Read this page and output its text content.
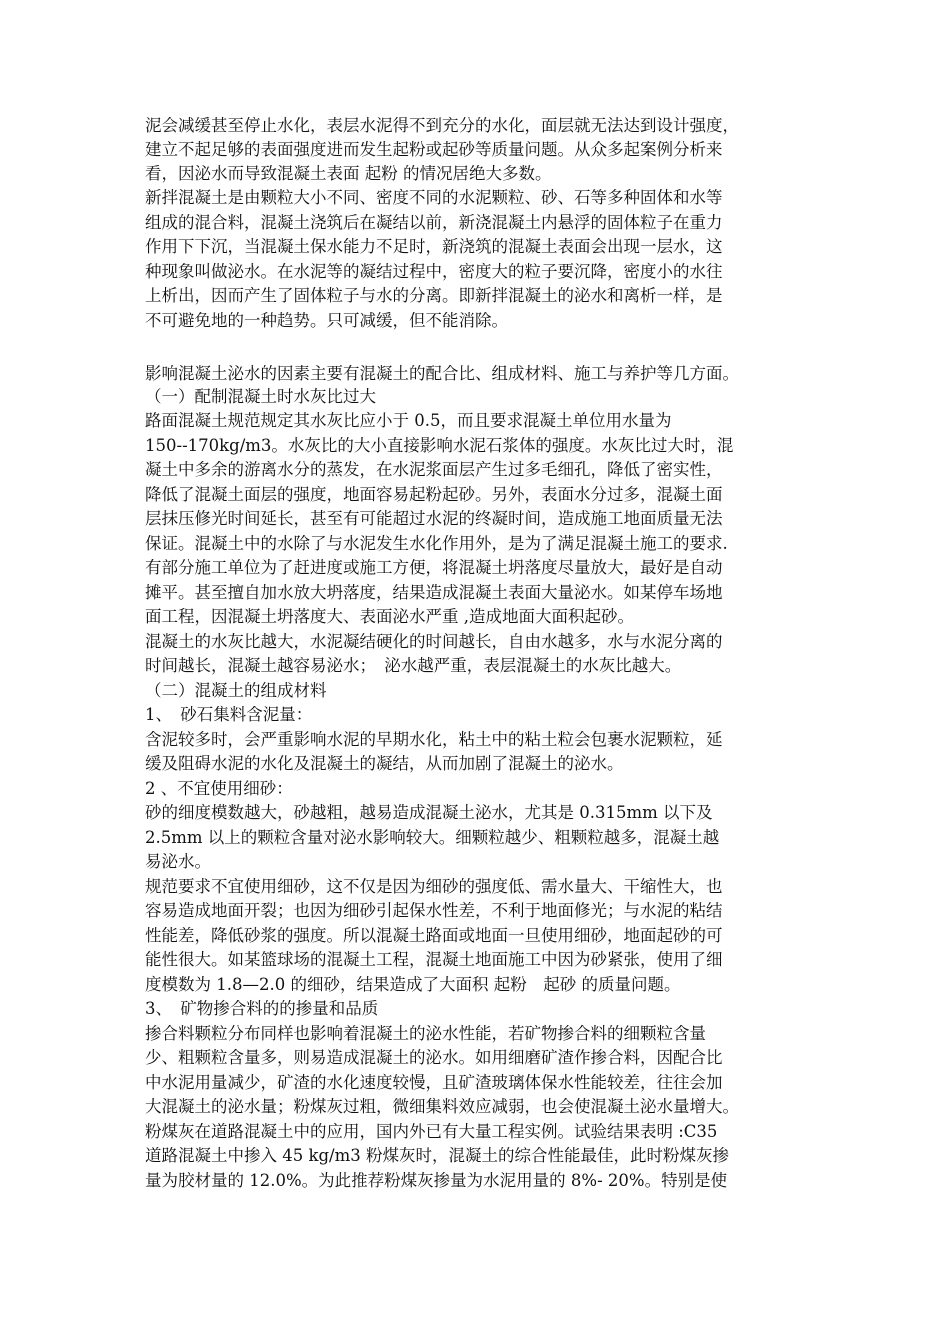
泥会减缓甚至停止水化，表层水泥得不到充分的水化，面层就无法达到设计强度，
建立不起足够的表面强度进而发生起粉或起砂等质量问题。从众多起案例分析来
看，因泌水而导致混凝土表面 起粉 的情况居绝大多数。
新拌混凝土是由颗粒大小不同、密度不同的水泥颗粒、砂、石等多种固体和水等
组成的混合料，混凝土浇筑后在凝结以前，新浇混凝土内悬浮的固体粒子在重力
作用下下沉，当混凝土保水能力不足时，新浇筑的混凝土表面会出现一层水，这
种现象叫做泌水。在水泥等的凝结过程中，密度大的粒子要沉降，密度小的水往
上析出，因而产生了固体粒子与水的分离。即新拌混凝土的泌水和离析一样，是
不可避免地的一种趋势。只可减缓，但不能消除。
影响混凝土泌水的因素主要有混凝土的配合比、组成材料、施工与养护等几方面。
（一）配制混凝土时水灰比过大
路面混凝土规范规定其水灰比应小于 0.5，而且要求混凝土单位用水量为
150--170kg/m3。水灰比的大小直接影响水泥石浆体的强度。水灰比过大时，混
凝土中多余的游离水分的蒸发，在水泥浆面层产生过多毛细孔，降低了密实性，
降低了混凝土面层的强度，地面容易起粉起砂。另外，表面水分过多，混凝土面
层抹压修光时间延长，甚至有可能超过水泥的终凝时间，造成施工地面质量无法
保证。混凝土中的水除了与水泥发生水化作用外，是为了满足混凝土施工的要求.
有部分施工单位为了赶进度或施工方便，将混凝土坍落度尽量放大，最好是自动
摊平。甚至擅自加水放大坍落度，结果造成混凝土表面大量泌水。如某停车场地
面工程，因混凝土坍落度大、表面泌水严重 ,造成地面大面积起砂。
混凝土的水灰比越大，水泥凝结硬化的时间越长，自由水越多，水与水泥分离的
时间越长，混凝土越容易泌水；　泌水越严重，表层混凝土的水灰比越大。
（二）混凝土的组成材料
1、　砂石集料含泥量：
含泥较多时，会严重影响水泥的早期水化，粘土中的粘土粒会包裹水泥颗粒，延
缓及阻碍水泥的水化及混凝土的凝结，从而加剧了混凝土的泌水。
2 、不宜使用细砂：
砂的细度模数越大，砂越粗，越易造成混凝土泌水，尤其是 0.315mm 以下及
2.5mm 以上的颗粒含量对泌水影响较大。细颗粒越少、粗颗粒越多，混凝土越
易泌水。
规范要求不宜使用细砂，这不仅是因为细砂的强度低、需水量大、干缩性大，也
容易造成地面开裂；也因为细砂引起保水性差，不利于地面修光；与水泥的粘结
性能差，降低砂浆的强度。所以混凝土路面或地面一旦使用细砂，地面起砂的可
能性很大。如某篮球场的混凝土工程，混凝土地面施工中因为砂紧张，使用了细
度模数为 1.8—2.0 的细砂，结果造成了大面积 起粉　起砂 的质量问题。
3、　矿物掺合料的的掺量和品质
掺合料颗粒分布同样也影响着混凝土的泌水性能，若矿物掺合料的细颗粒含量
少、粗颗粒含量多，则易造成混凝土的泌水。如用细磨矿渣作掺合料，因配合比
中水泥用量减少，矿渣的水化速度较慢，且矿渣玻璃体保水性能较差，往往会加
大混凝土的泌水量；粉煤灰过粗，微细集料效应减弱，也会使混凝土泌水量增大。
粉煤灰在道路混凝土中的应用，国内外已有大量工程实例。试验结果表明 :C35
道路混凝土中掺入 45 kg/m3 粉煤灰时，混凝土的综合性能最佳，此时粉煤灰掺
量为胶材量的 12.0%。为此推荐粉煤灰掺量为水泥用量的 8%- 20%。特别是使
